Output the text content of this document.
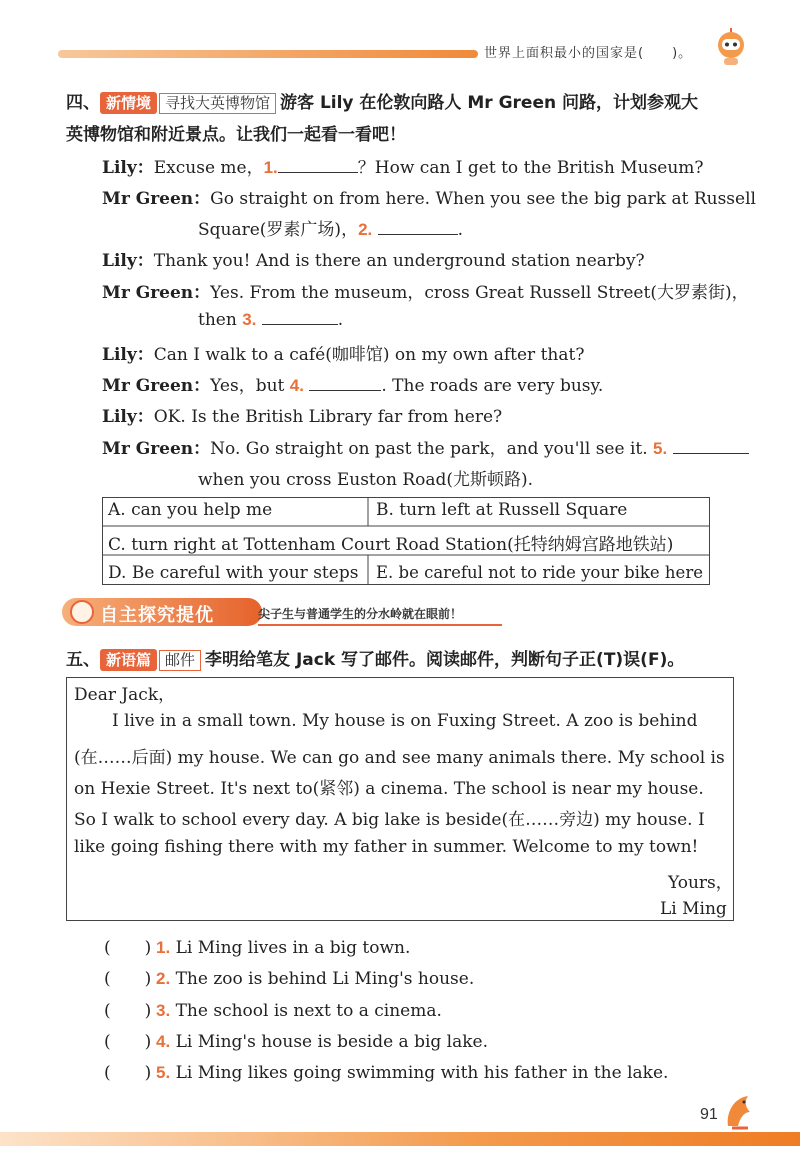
世界上面积最小的国家是(　　)。
四、 新情境 寻找大英博物馆 游客 Lily 在伦敦向路人 Mr Green 问路，计划参观大
英博物馆和附近景点。让我们一起看一看吧！
Lily：Excuse me，1.	？How can I get to the British Museum?
Mr Green：Go straight on from here. When you see the big park at Russell
Square(罗素广场)，2.	.
Lily：Thank you! And is there an underground station nearby?
Mr Green：Yes. From the museum，cross Great Russell Street(大罗素街)，
then 3.	.
Lily：Can I walk to a café(咖啡馆) on my own after that?
Mr Green：Yes，but 4.	. The roads are very busy.
Lily：OK. Is the British Library far from here?
Mr Green：No. Go straight on past the park，and you'll see it. 5.
when you cross Euston Road(尤斯顿路).
A. can you help me	B. turn left at Russell Square
C. turn right at Tottenham Court Road Station(托特纳姆宫路地铁站)
D. Be careful with your steps E. be careful not to ride your bike here
自主探究提优	尖子生与普通学生的分水岭就在眼前！
五、 新语篇 邮件 李明给笔友 Jack 写了邮件。阅读邮件，判断句子正(T)误(F)。
Dear Jack，
I live in a small town. My house is on Fuxing Street. A zoo is behind
(在……后面) my house. We can go and see many animals there. My school is
on Hexie Street. It's next to(紧邻) a cinema. The school is near my house.
So I walk to school every day. A big lake is beside(在……旁边) my house. I
like going fishing there with my father in summer. Welcome to my town!
Yours，
Li Ming
(　　) 1. Li Ming lives in a big town.
(　　) 2. The zoo is behind Li Ming's house.
(　　) 3. The school is next to a cinema.
(　　) 4. Li Ming's house is beside a big lake.
(　　) 5. Li Ming likes going swimming with his father in the lake.
91
